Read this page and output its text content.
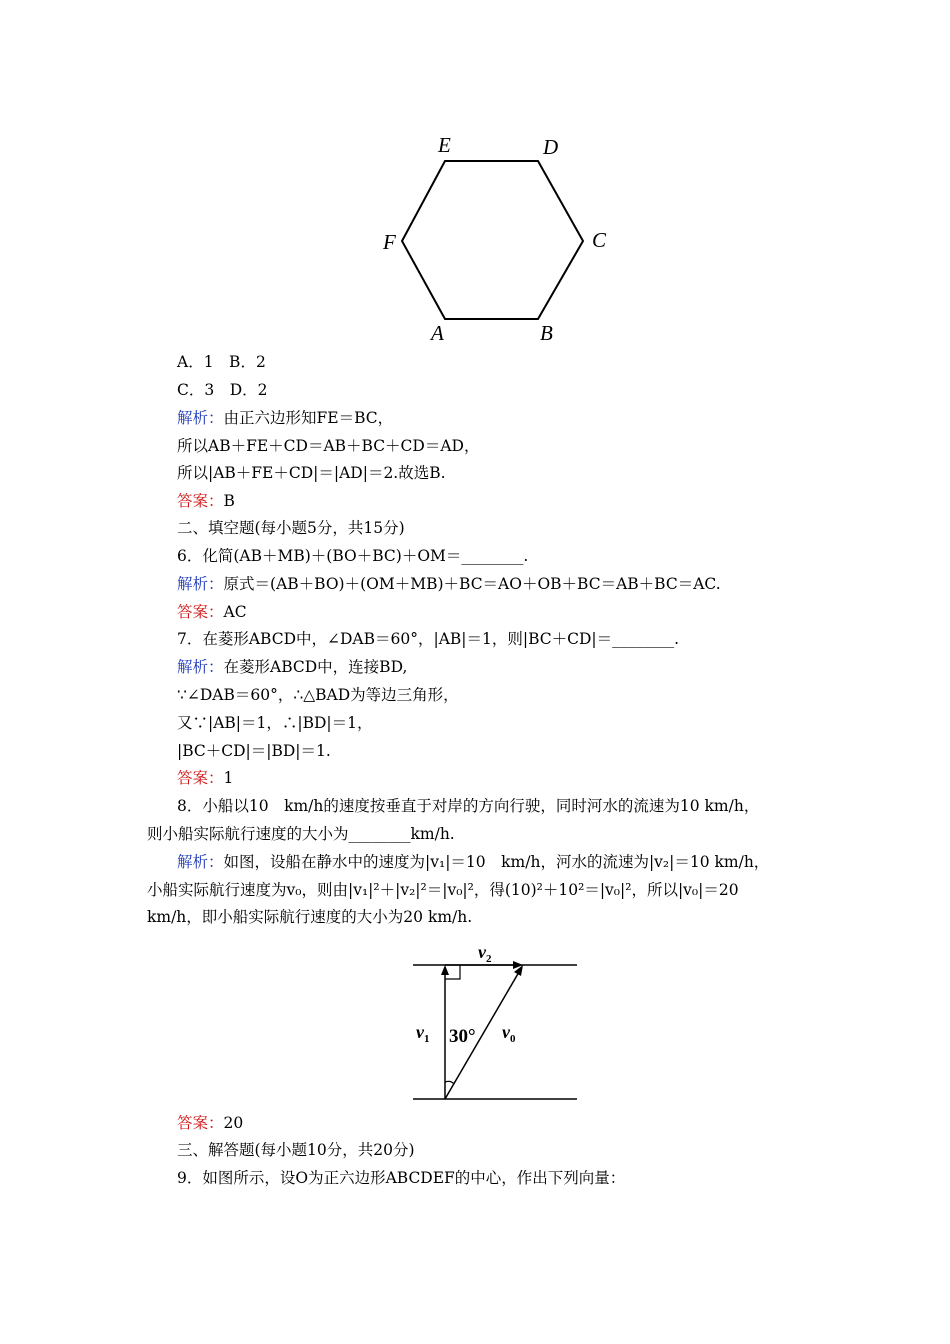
E	D
F	C
A	B
A．1　B．2
C．3　D．2
解析：由正六边形知FE＝BC，
所以AB＋FE＋CD＝AB＋BC＋CD＝AD，
所以|AB＋FE＋CD|＝|AD|＝2.故选B.
答案：B
二、填空题(每小题5分，共15分)
6．化简(AB＋MB)＋(BO＋BC)＋OM＝________.
解析：原式＝(AB＋BO)＋(OM＋MB)＋BC＝AO＋OB＋BC＝AB＋BC＝AC.
答案：AC
7．在菱形ABCD中，∠DAB＝60°，|AB|＝1，则|BC＋CD|＝________.
解析：在菱形ABCD中，连接BD,
∵∠DAB＝60°，∴△BAD为等边三角形，
又∵|AB|＝1，∴|BD|＝1，
|BC＋CD|＝|BD|＝1.
答案：1
8．小船以10　km/h的速度按垂直于对岸的方向行驶，同时河水的流速为10 km/h，
则小船实际航行速度的大小为________km/h.
解析：如图，设船在静水中的速度为|v₁|＝10　km/h，河水的流速为|v₂|＝10 km/h，
小船实际航行速度为v₀，则由|v₁|²＋|v₂|²＝|v₀|²，得(10)²＋10²＝|v₀|²，所以|v₀|＝20
km/h，即小船实际航行速度的大小为20 km/h.
$v_2$
$v_1$	$v_0$
30°
答案：20
三、解答题(每小题10分，共20分)
9．如图所示，设O为正六边形ABCDEF的中心，作出下列向量：
